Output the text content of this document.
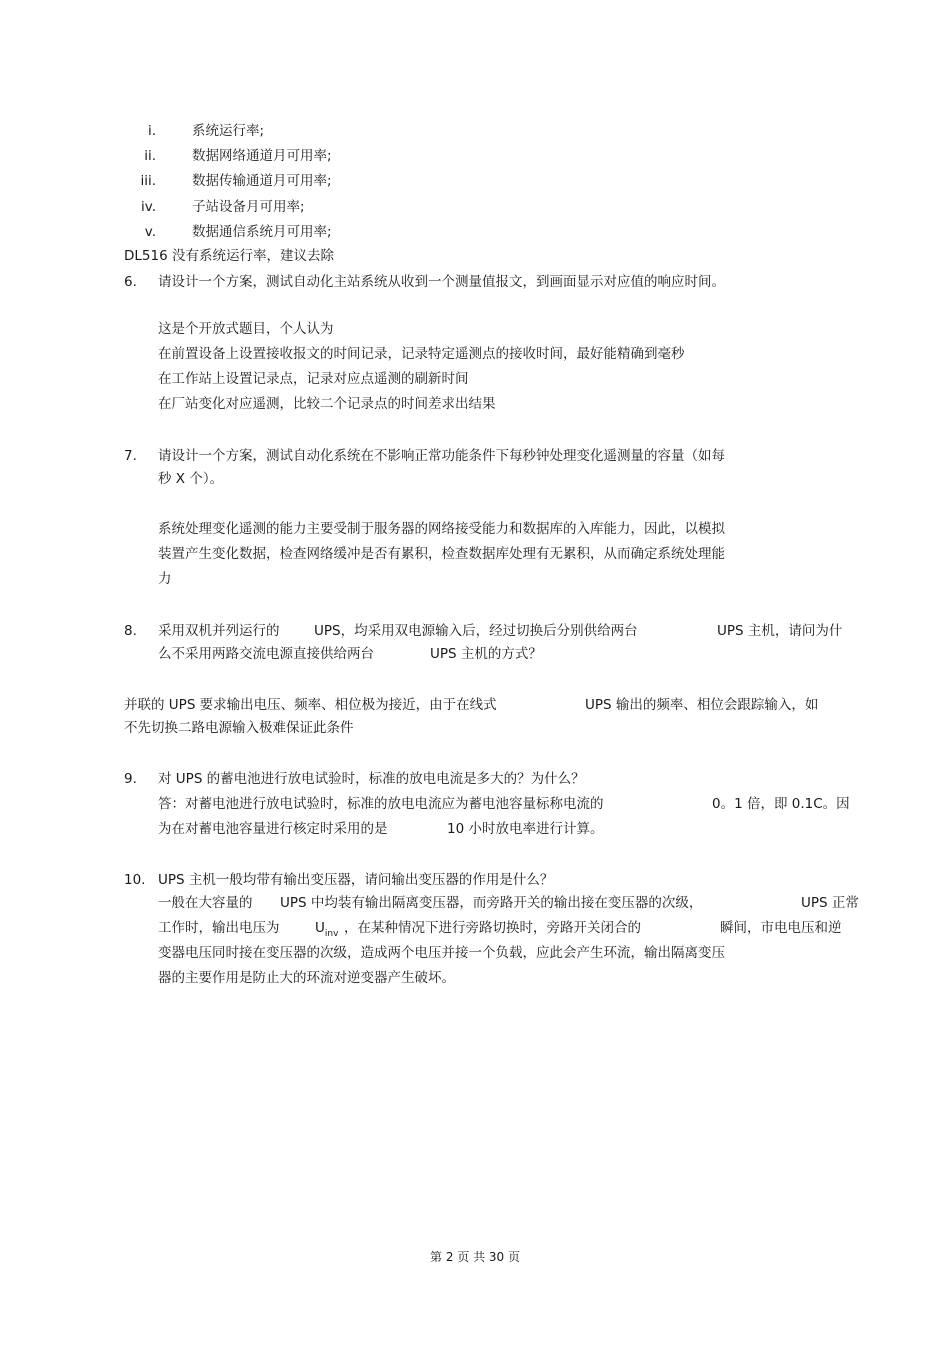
i.	系统运行率;
ii.	数据网络通道月可用率;
iii.	数据传输通道月可用率;
iv.	子站设备月可用率;
v.	数据通信系统月可用率;
DL516 没有系统运行率，建议去除
6. 请设计一个方案，测试自动化主站系统从收到一个测量值报文，到画面显示对应值的响应时间。
这是个开放式题目，个人认为
在前置设备上设置接收报文的时间记录，记录特定遥测点的接收时间，最好能精确到毫秒
在工作站上设置记录点，记录对应点遥测的刷新时间
在厂站变化对应遥测，比较二个记录点的时间差求出结果
7. 请设计一个方案，测试自动化系统在不影响正常功能条件下每秒钟处理变化遥测量的容量（如每
秒 X 个）。
系统处理变化遥测的能力主要受制于服务器的网络接受能力和数据库的入库能力，因此，以模拟
装置产生变化数据，检查网络缓冲是否有累积，检查数据库处理有无累积，从而确定系统处理能
力
8. 采用双机并列运行的	UPS，均采用双电源输入后，经过切换后分别供给两台	UPS 主机，请问为什
么不采用两路交流电源直接供给两台	UPS 主机的方式？
并联的 UPS 要求输出电压、频率、相位极为接近，由于在线式	UPS 输出的频率、相位会跟踪输入，如
不先切换二路电源输入极难保证此条件
9. 对 UPS 的蓄电池进行放电试验时，标准的放电电流是多大的？为什么？
答：对蓄电池进行放电试验时，标准的放电电流应为蓄电池容量标称电流的	0。1 倍，即 0.1C。因
为在对蓄电池容量进行核定时采用的是	10 小时放电率进行计算。
10. UPS 主机一般均带有输出变压器，请问输出变压器的作用是什么？
一般在大容量的 UPS 中均装有输出隔离变压器，而旁路开关的输出接在变压器的次级，	UPS 正常
工作时，输出电压为	$U_{inv}$ ，在某种情况下进行旁路切换时，旁路开关闭合的	瞬间，市电电压和逆
变器电压同时接在变压器的次级，造成两个电压并接一个负载，应此会产生环流，输出隔离变压
器的主要作用是防止大的环流对逆变器产生破坏。
第 2 页 共 30 页
